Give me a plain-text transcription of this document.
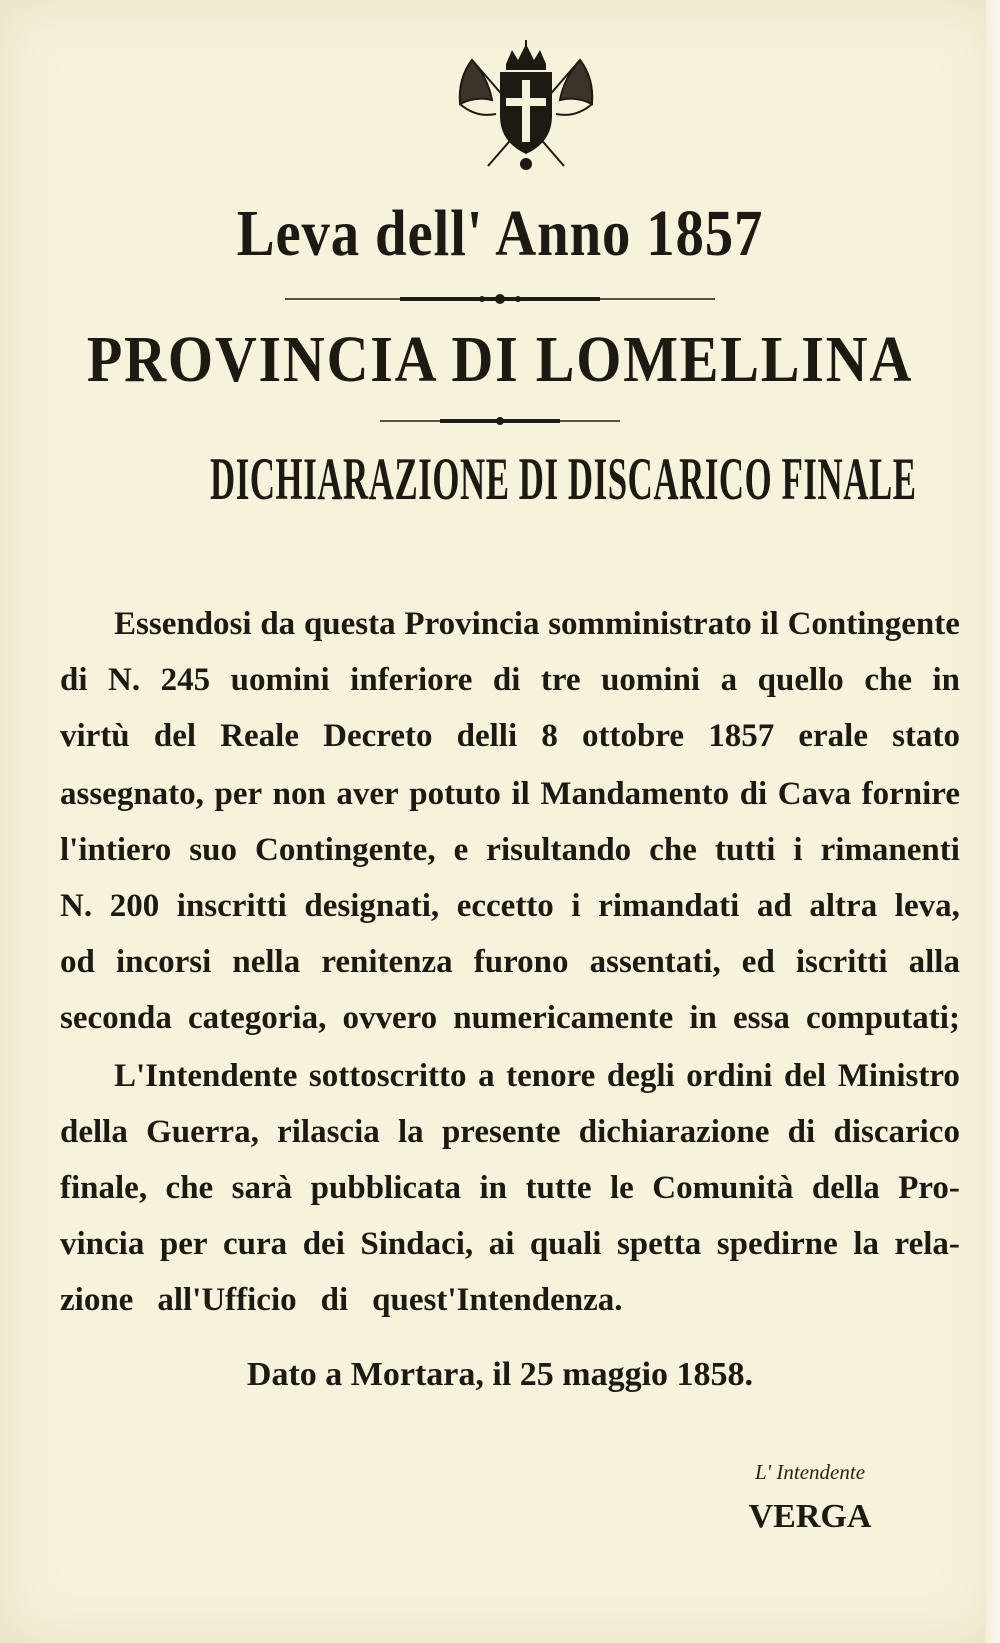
Leva dell' Anno 1857
PROVINCIA DI LOMELLINA
DICHIARAZIONE DI DISCARICO FINALE
Essendosi da questa Provincia somministrato il Contingente
di N. 245 uomini inferiore di tre uomini a quello che in
virtù del Reale Decreto delli 8 ottobre 1857 erale stato
assegnato, per non aver potuto il Mandamento di Cava fornire
l'intiero suo Contingente, e risultando che tutti i rimanenti
N. 200 inscritti designati, eccetto i rimandati ad altra leva,
od incorsi nella renitenza furono assentati, ed iscritti alla
seconda categoria, ovvero numericamente in essa computati;
L'Intendente sottoscritto a tenore degli ordini del Ministro
della Guerra, rilascia la presente dichiarazione di discarico
finale, che sarà pubblicata in tutte le Comunità della Pro-
vincia per cura dei Sindaci, ai quali spetta spedirne la rela-
zione all'Ufficio di quest'Intendenza.
Dato a Mortara, il 25 maggio 1858.
L' Intendente
VERGA
